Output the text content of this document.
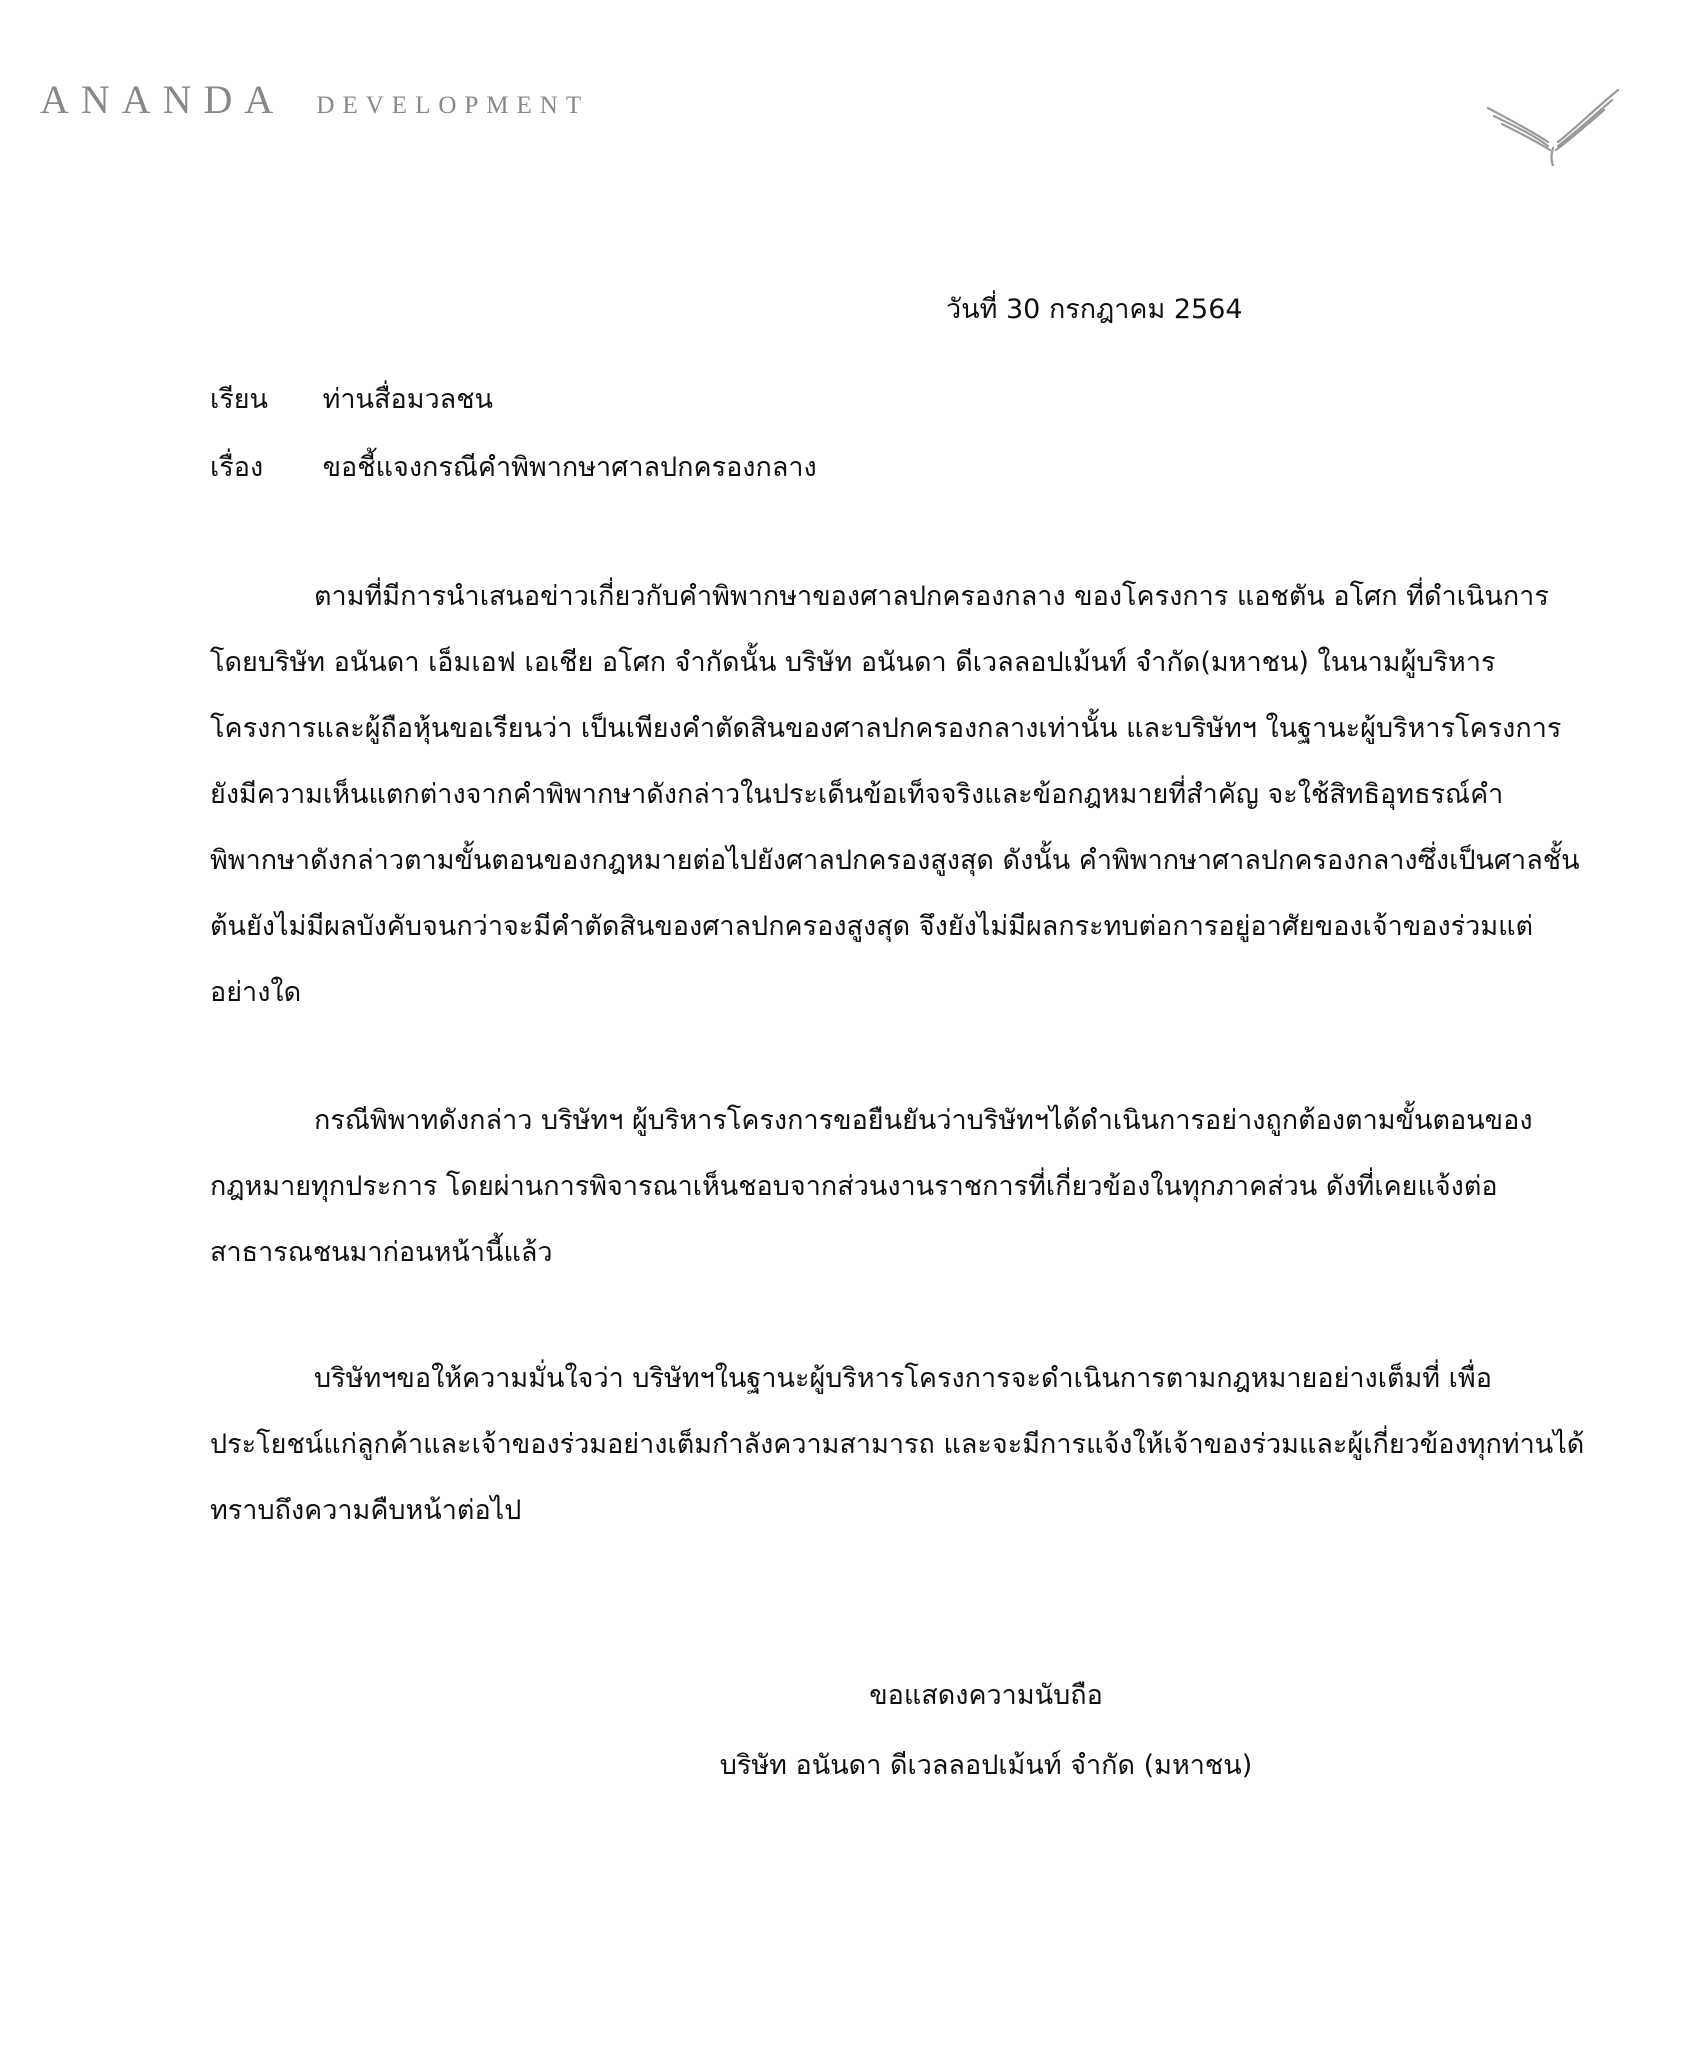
ANANDA DEVELOPMENT
วันที่ 30 กรกฎาคม 2564
เรียน ท่านสื่อมวลชน
เรื่อง ขอชี้แจงกรณีคำพิพากษาศาลปกครองกลาง

ตามที่มีการนำเสนอข่าวเกี่ยวกับคำพิพากษาของศาลปกครองกลาง ของโครงการ แอชตัน อโศก ที่ดำเนินการโดยบริษัท อนันดา เอ็มเอฟ เอเชีย อโศก จำกัดนั้น บริษัท อนันดา ดีเวลลอปเม้นท์ จำกัด(มหาชน) ในนามผู้บริหารโครงการและผู้ถือหุ้นขอเรียนว่า เป็นเพียงคำตัดสินของศาลปกครองกลางเท่านั้น และบริษัทฯ ในฐานะผู้บริหารโครงการยังมีความเห็นแตกต่างจากคำพิพากษาดังกล่าวในประเด็นข้อเท็จจริงและข้อกฎหมายที่สำคัญ จะใช้สิทธิอุทธรณ์คำพิพากษาดังกล่าวตามขั้นตอนของกฎหมายต่อไปยังศาลปกครองสูงสุด ดังนั้น คำพิพากษาศาลปกครองกลางซึ่งเป็นศาลชั้นต้นยังไม่มีผลบังคับจนกว่าจะมีคำตัดสินของศาลปกครองสูงสุด จึงยังไม่มีผลกระทบต่อการอยู่อาศัยของเจ้าของร่วมแต่อย่างใด

กรณีพิพาทดังกล่าว บริษัทฯ ผู้บริหารโครงการขอยืนยันว่าบริษัทฯได้ดำเนินการอย่างถูกต้องตามขั้นตอนของกฎหมายทุกประการ โดยผ่านการพิจารณาเห็นชอบจากส่วนงานราชการที่เกี่ยวข้องในทุกภาคส่วน ดังที่เคยแจ้งต่อสาธารณชนมาก่อนหน้านี้แล้ว

บริษัทฯขอให้ความมั่นใจว่า บริษัทฯในฐานะผู้บริหารโครงการจะดำเนินการตามกฎหมายอย่างเต็มที่ เพื่อประโยชน์แก่ลูกค้าและเจ้าของร่วมอย่างเต็มกำลังความสามารถ และจะมีการแจ้งให้เจ้าของร่วมและผู้เกี่ยวข้องทุกท่านได้ทราบถึงความคืบหน้าต่อไป

ขอแสดงความนับถือ
บริษัท อนันดา ดีเวลลอปเม้นท์ จำกัด (มหาชน)
